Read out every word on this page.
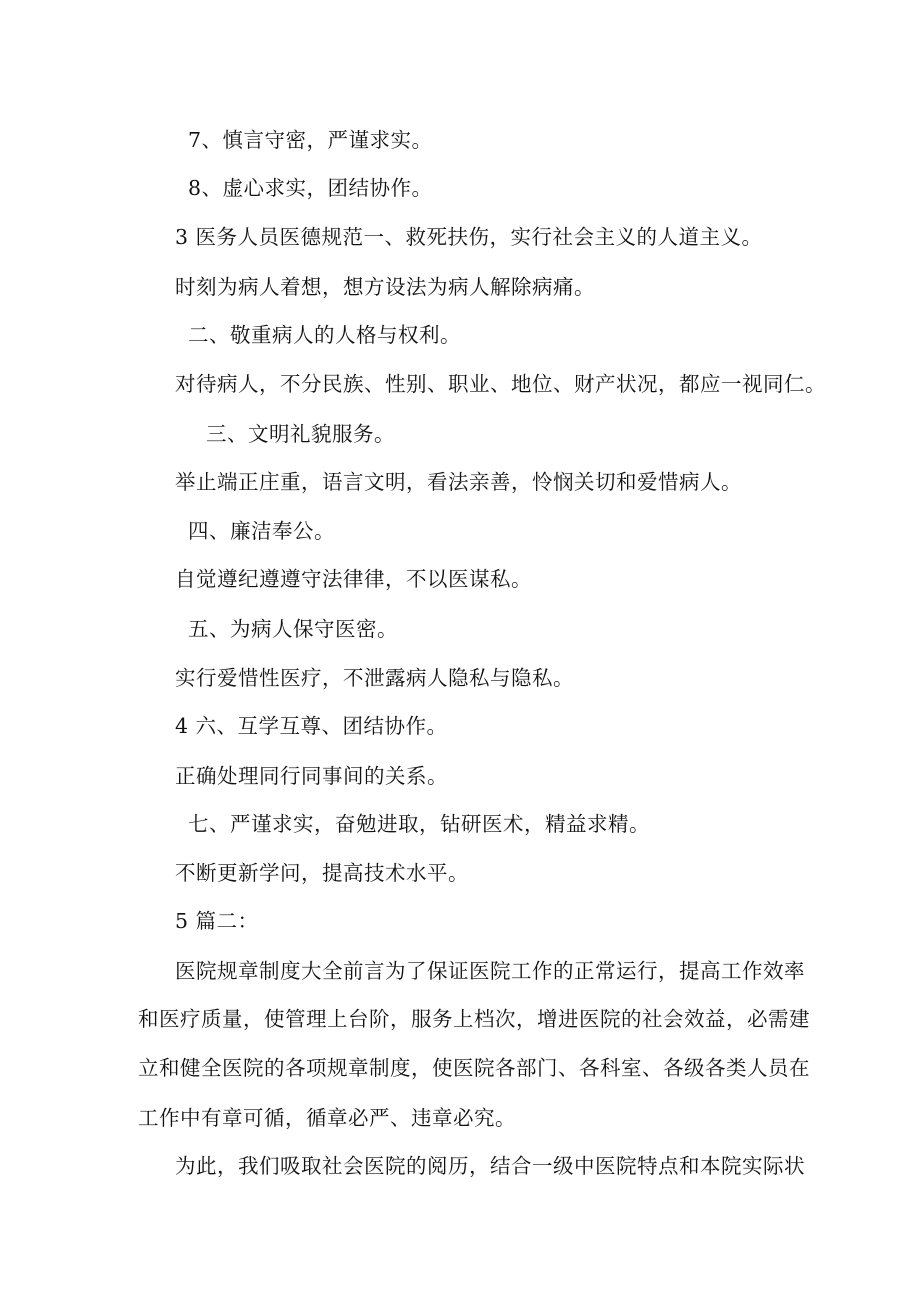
7、慎言守密，严谨求实。
8、虚心求实，团结协作。
3 医务人员医德规范一、救死扶伤，实行社会主义的人道主义。
时刻为病人着想，想方设法为病人解除病痛。
二、敬重病人的人格与权利。
对待病人，不分民族、性别、职业、地位、财产状况，都应一视同仁。
三、文明礼貌服务。
举止端正庄重，语言文明，看法亲善，怜悯关切和爱惜病人。
四、廉洁奉公。
自觉遵纪遵遵守法律律，不以医谋私。
五、为病人保守医密。
实行爱惜性医疗，不泄露病人隐私与隐私。
4 六、互学互尊、团结协作。
正确处理同行同事间的关系。
七、严谨求实，奋勉进取，钻研医术，精益求精。
不断更新学问，提高技术水平。
5 篇二：
医院规章制度大全前言为了保证医院工作的正常运行，提高工作效率
和医疗质量，使管理上台阶，服务上档次，增进医院的社会效益，必需建
立和健全医院的各项规章制度，使医院各部门、各科室、各级各类人员在
工作中有章可循，循章必严、违章必究。
为此，我们吸取社会医院的阅历，结合一级中医院特点和本院实际状
